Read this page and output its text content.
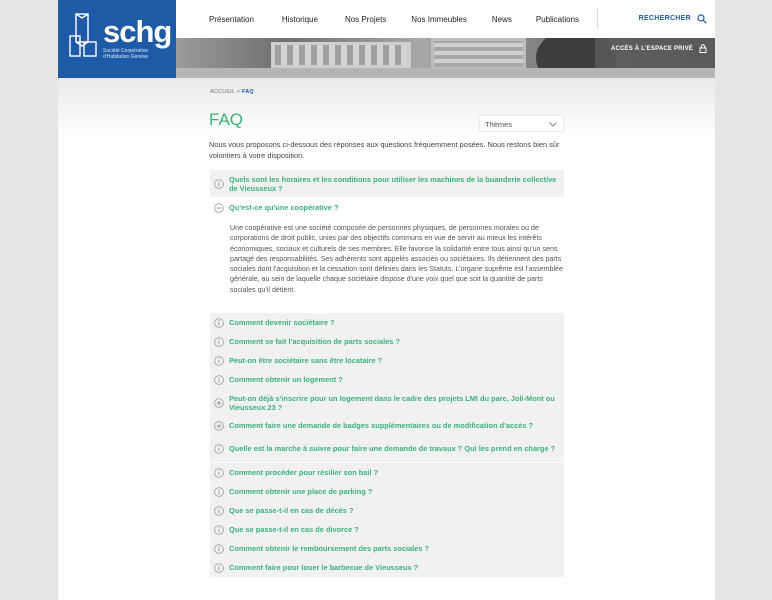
schg
Société Coopérative d'Habitation Genève
Présentation	Historique	Nos Projets	Nos Immeubles	News	Publications	RECHERCHER
ACCÈS À L'ESPACE PRIVÉ
ACCUEIL > FAQ
FAQ	Thèmes
Nous vous proposons ci-dessous des réponses aux questions fréquemment posées. Nous restons bien sûr volontiers à votre disposition.
Quels sont les horaires et les conditions pour utiliser les machines de la buanderie collective de Vieusseux ?
Qu'est-ce qu'une coopérative ?
Une coopérative est une société composée de personnes physiques, de personnes morales ou de corporations de droit public, unies par des objectifs communs en vue de servir au mieux les intérêts économiques, sociaux et culturels de ses membres. Elle favorise la solidarité entre tous ainsi qu'un sens partagé des responsabilités. Ses adhérents sont appelés associés ou sociétaires. Ils détiennent des parts sociales dont l'acquisition et la cessation sont définies dans les Statuts. L'organe suprême est l'assemblée générale, au sein de laquelle chaque sociétaire dispose d'une voix quel que soit la quantité de parts sociales qu'il détient.
Comment devenir sociétaire ?
Comment se fait l'acquisition de parts sociales ?
Peut-on être sociétaire sans être locataire ?
Comment obtenir un logement ?
Peut-on déjà s'inscrire pour un logement dans le cadre des projets LMI du parc, Joli-Mont ou Vieusseux 23 ?
Comment faire une demande de badges supplémentaires ou de modification d'accès ?
Quelle est la marche à suivre pour faire une demande de travaux ? Qui les prend en charge ?
Comment procéder pour résilier son bail ?
Comment obtenir une place de parking ?
Que se passe-t-il en cas de décès ?
Que se passe-t-il en cas de divorce ?
Comment obtenir le remboursement des parts sociales ?
Comment faire pour louer le barbecue de Vieusseux ?
